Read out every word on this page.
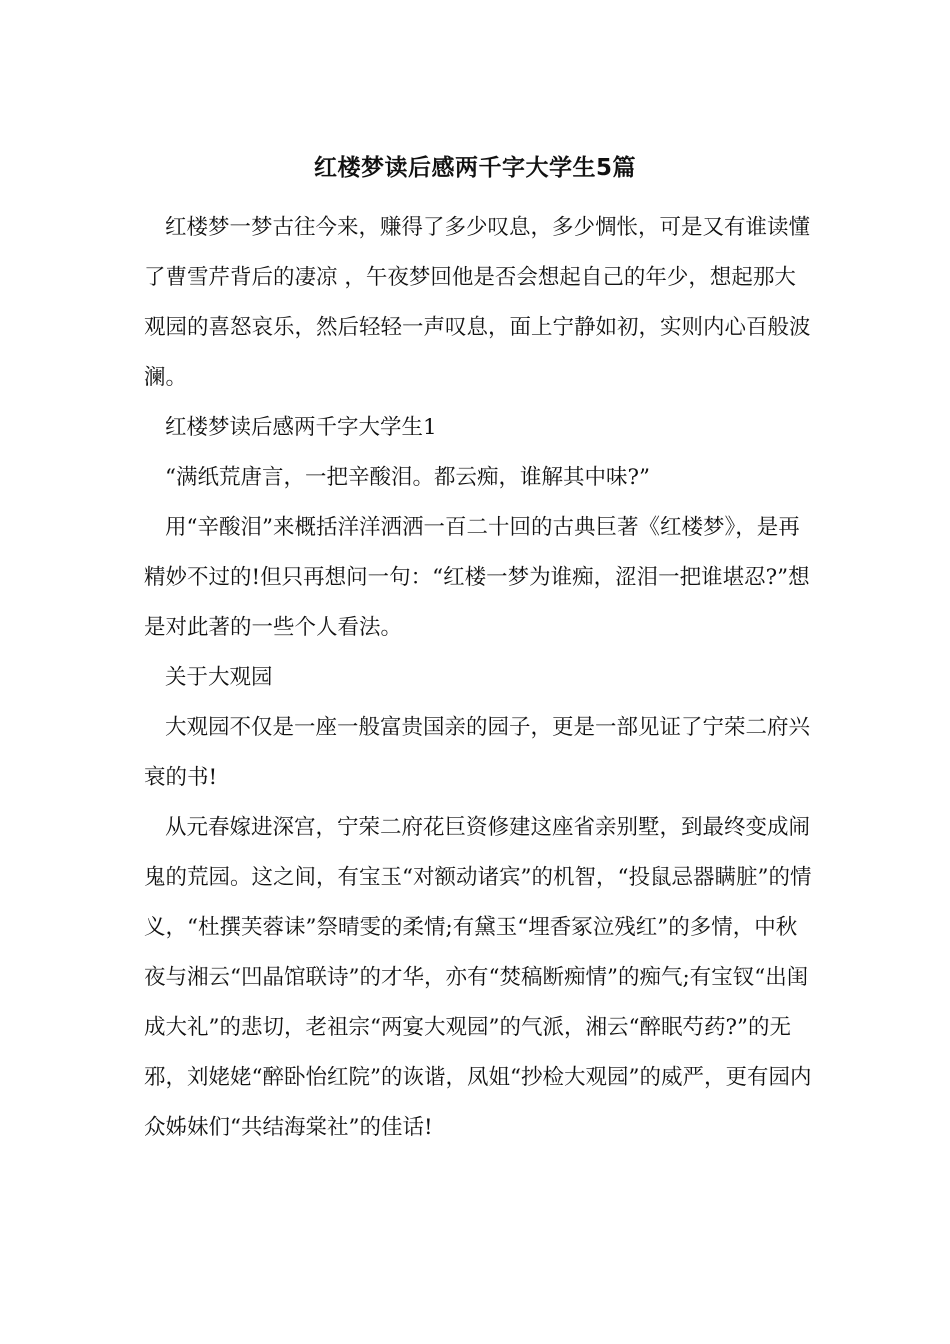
红楼梦读后感两千字大学生5篇

红楼梦一梦古往今来，赚得了多少叹息，多少惆怅，可是又有谁读懂了曹雪芹背后的凄凉 ，午夜梦回他是否会想起自己的年少，想起那大观园的喜怒哀乐，然后轻轻一声叹息，面上宁静如初，实则内心百般波澜。

红楼梦读后感两千字大学生1

“满纸荒唐言，一把辛酸泪。都云痴，谁解其中味?”

用“辛酸泪”来概括洋洋洒洒一百二十回的古典巨著《红楼梦》，是再精妙不过的!但只再想问一句：“红楼一梦为谁痴，涩泪一把谁堪忍?”想是对此著的一些个人看法。

关于大观园

大观园不仅是一座一般富贵国亲的园子，更是一部见证了宁荣二府兴衰的书!

从元春嫁进深宫，宁荣二府花巨资修建这座省亲别墅，到最终变成闹鬼的荒园。这之间，有宝玉“对额动诸宾”的机智，“投鼠忌器瞒脏”的情义，“杜撰芙蓉诔”祭晴雯的柔情;有黛玉“埋香冢泣残红”的多情，中秋夜与湘云“凹晶馆联诗”的才华，亦有“焚稿断痴情”的痴气;有宝钗“出闺成大礼”的悲切，老祖宗“两宴大观园”的气派，湘云“醉眠芍药?”的无邪，刘姥姥“醉卧怡红院”的诙谐，凤姐“抄检大观园”的威严，更有园内众姊妹们“共结海棠社”的佳话!
